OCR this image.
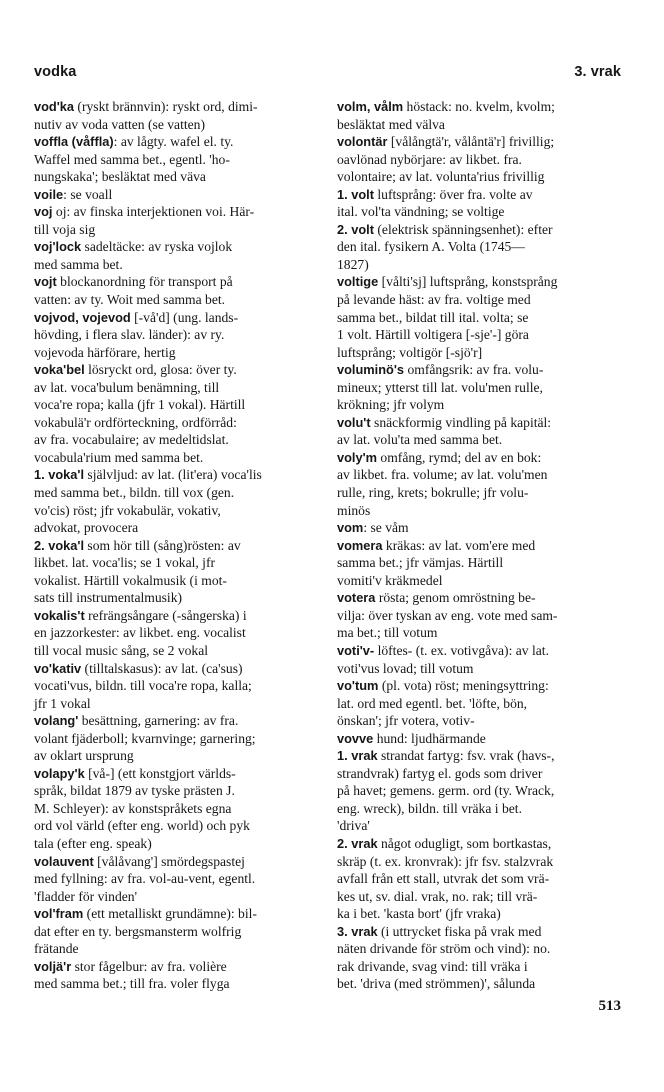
vodka	3. vrak

vod'ka (ryskt brännvin): ryskt ord, dimi-
nutiv av voda vatten (se vatten)

voffla (våffla): av lågty. wafel el. ty.
Waffel med samma bet., egentl. 'ho-
nungskaka'; besläktat med väva

voile: se voall

voj oj: av finska interjektionen voi. Här-
till voja sig

voj'lock sadeltäcke: av ryska vojlok
med samma bet.

vojt blockanordning för transport på
vatten: av ty. Woit med samma bet.

vojvod, vojevod [-vå'd] (ung. lands-
hövding, i flera slav. länder): av ry.
vojevoda härförare, hertig

voka'bel lösryckt ord, glosa: över ty.
av lat. voca'bulum benämning, till
voca're ropa; kalla (jfr 1 vokal). Härtill
vokabulä'r ordförteckning, ordförråd:
av fra. vocabulaire; av medeltidslat.
vocabula'rium med samma bet.

1. voka'l självljud: av lat. (lit'era) voca'lis
med samma bet., bildn. till vox (gen.
vo'cis) röst; jfr vokabulär, vokativ,
advokat, provocera

2. voka'l som hör till (sång)rösten: av
likbet. lat. voca'lis; se 1 vokal, jfr
vokalist. Härtill vokalmusik (i mot-
sats till instrumentalmusik)

vokalis't refrängsångare (-sångerska) i
en jazzorkester: av likbet. eng. vocalist
till vocal music sång, se 2 vokal

vo'kativ (tilltalskasus): av lat. (ca'sus)
vocati'vus, bildn. till voca're ropa, kalla;
jfr 1 vokal

volang' besättning, garnering: av fra.
volant fjäderboll; kvarnvinge; garnering;
av oklart ursprung

volapy'k [vå-] (ett konstgjort världs-
språk, bildat 1879 av tyske prästen J.
M. Schleyer): av konstspråkets egna
ord vol värld (efter eng. world) och pyk
tala (efter eng. speak)

volauvent [vålåvang'] smördegspastej
med fyllning: av fra. vol-au-vent, egentl.
'fladder för vinden'

vol'fram (ett metalliskt grundämne): bil-
dat efter en ty. bergsmansterm wolfrig
frätande

voljä'r stor fågelbur: av fra. volière
med samma bet.; till fra. voler flyga

volm, vålm höstack: no. kvelm, kvolm;
besläktat med välva

volontär [vålångtä'r, vålåntä'r] frivillig;
oavlönad nybörjare: av likbet. fra.
volontaire; av lat. volunta'rius frivillig

1. volt luftsprång: över fra. volte av
ital. vol'ta vändning; se voltige

2. volt (elektrisk spänningsenhet): efter
den ital. fysikern A. Volta (1745—
1827)

voltige [vålti'sj] luftsprång, konstsprång
på levande häst: av fra. voltige med
samma bet., bildat till ital. volta; se
1 volt. Härtill voltigera [-sje'-] göra
luftsprång; voltigör [-sjö'r]

voluminö's omfångsrik: av fra. volu-
mineux; ytterst till lat. volu'men rulle,
krökning; jfr volym

volu't snäckformig vindling på kapitäl:
av lat. volu'ta med samma bet.

voly'm omfång, rymd; del av en bok:
av likbet. fra. volume; av lat. volu'men
rulle, ring, krets; bokrulle; jfr volu-
minös

vom: se våm

vomera kräkas: av lat. vom'ere med
samma bet.; jfr vämjas. Härtill
vomiti'v kräkmedel

votera rösta; genom omröstning be-
vilja: över tyskan av eng. vote med sam-
ma bet.; till votum

voti'v- löftes- (t. ex. votivgåva): av lat.
voti'vus lovad; till votum

vo'tum (pl. vota) röst; meningsyttring:
lat. ord med egentl. bet. 'löfte, bön,
önskan'; jfr votera, votiv-

vovve hund: ljudhärmande

1. vrak strandat fartyg: fsv. vrak (havs-,
strandvrak) fartyg el. gods som driver
på havet; gemens. germ. ord (ty. Wrack,
eng. wreck), bildn. till vräka i bet.
'driva'

2. vrak något odugligt, som bortkastas,
skräp (t. ex. kronvrak): jfr fsv. stalzvrak
avfall från ett stall, utvrak det som vrä-
kes ut, sv. dial. vrak, no. rak; till vrä-
ka i bet. 'kasta bort' (jfr vraka)

3. vrak (i uttrycket fiska på vrak med
näten drivande för ström och vind): no.
rak drivande, svag vind: till vräka i
bet. 'driva (med strömmen)', sålunda

513
